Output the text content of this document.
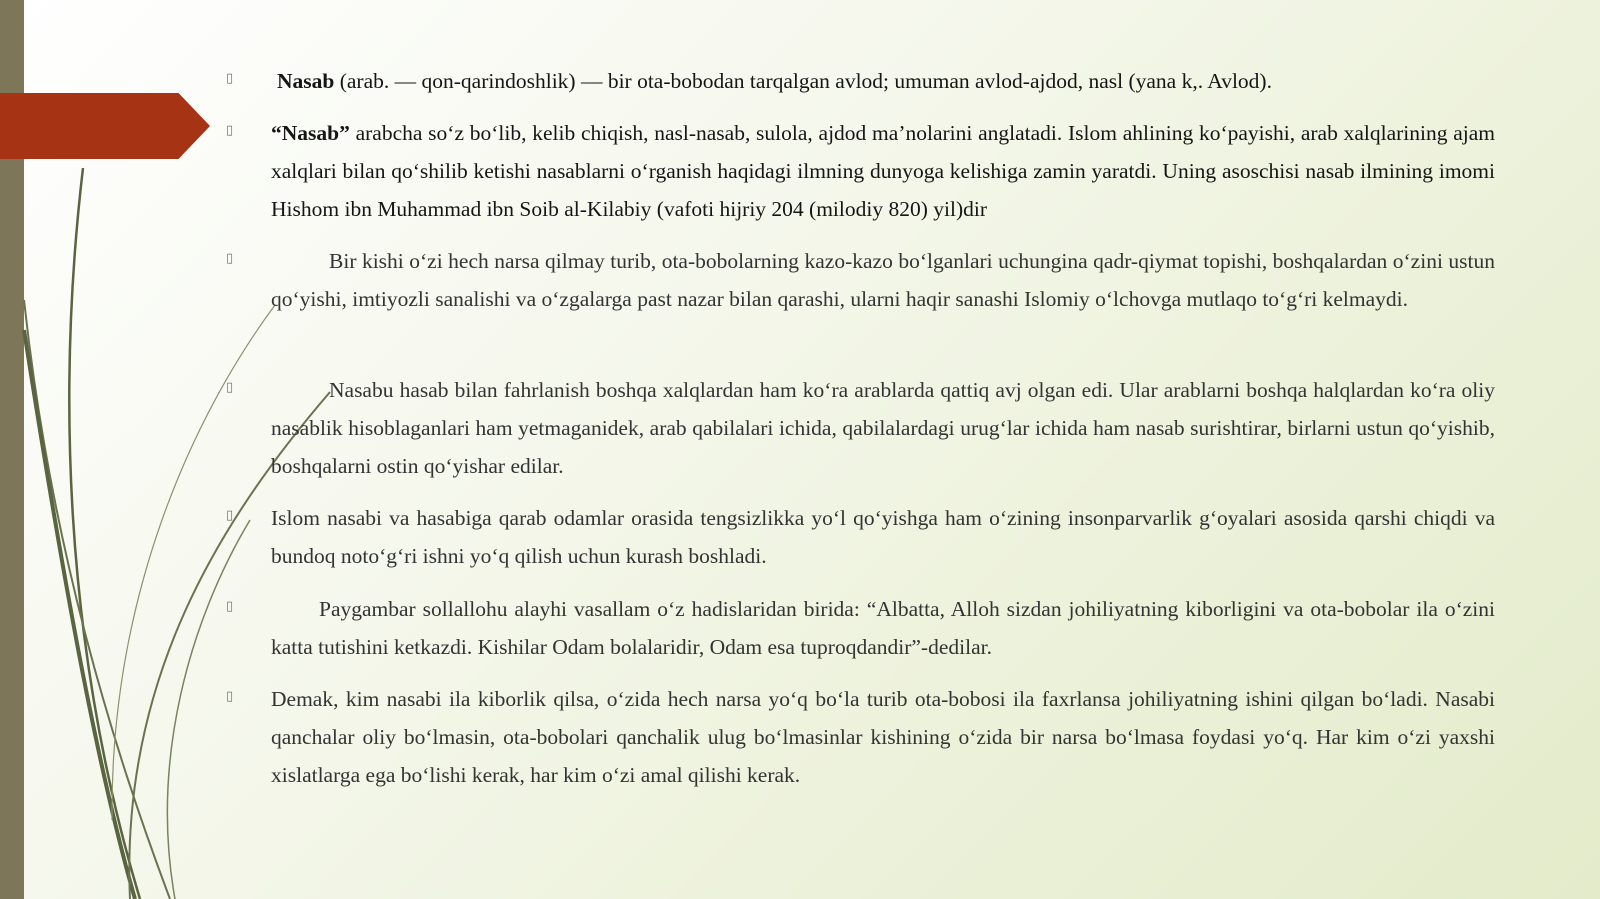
▯	Nasab (arab. — qon-qarindoshlik) — bir ota-bobodan tarqalgan avlod; umuman avlod-ajdod, nasl (yana k,. Avlod).

▯	“Nasab” arabcha so‘z bo‘lib, kelib chiqish, nasl-nasab, sulola, ajdod ma’nolarini anglatadi. Islom ahlining ko‘payishi, arab xalqlarining ajam xalqlari bilan qo‘shilib ketishi nasablarni o‘rganish haqidagi ilmning dunyoga kelishiga zamin yaratdi. Uning asoschisi nasab ilmining imomi Hishom ibn Muhammad ibn Soib al-Kilabiy (vafoti hijriy 204 (milodiy 820) yil)dir

▯	Bir kishi o‘zi hech narsa qilmay turib, ota-bobolarning kazo-kazo bo‘lganlari uchungina qadr-qiymat topishi, boshqalardan o‘zini ustun qo‘yishi, imtiyozli sanalishi va o‘zgalarga past nazar bilan qarashi, ularni haqir sanashi Islomiy o‘lchovga mutlaqo to‘g‘ri kelmaydi.

▯	Nasabu hasab bilan fahrlanish boshqa xalqlardan ham ko‘ra arablarda qattiq avj olgan edi. Ular arablarni boshqa halqlardan ko‘ra oliy nasablik hisoblaganlari ham yetmaganidek, arab qabilalari ichida, qabilalardagi urug‘lar ichida ham nasab surishtirar, birlarni ustun qo‘yishib, boshqalarni ostin qo‘yishar edilar.

▯	Islom nasabi va hasabiga qarab odamlar orasida tengsizlikka yo‘l qo‘yishga ham o‘zining insonparvarlik g‘oyalari asosida qarshi chiqdi va bundoq noto‘g‘ri ishni yo‘q qilish uchun kurash boshladi.

▯	Paygambar sollallohu alayhi vasallam o‘z hadislaridan birida: “Albatta, Alloh sizdan johiliyatning kiborligini va ota-bobolar ila o‘zini katta tutishini ketkazdi. Kishilar Odam bolalaridir, Odam esa tuproqdandir”-dedilar.

▯	Demak, kim nasabi ila kiborlik qilsa, o‘zida hech narsa yo‘q bo‘la turib ota-bobosi ila faxrlansa johiliyatning ishini qilgan bo‘ladi. Nasabi qanchalar oliy bo‘lmasin, ota-bobolari qanchalik ulug bo‘lmasinlar kishining o‘zida bir narsa bo‘lmasa foydasi yo‘q. Har kim o‘zi yaxshi xislatlarga ega bo‘lishi kerak, har kim o‘zi amal qilishi kerak.
